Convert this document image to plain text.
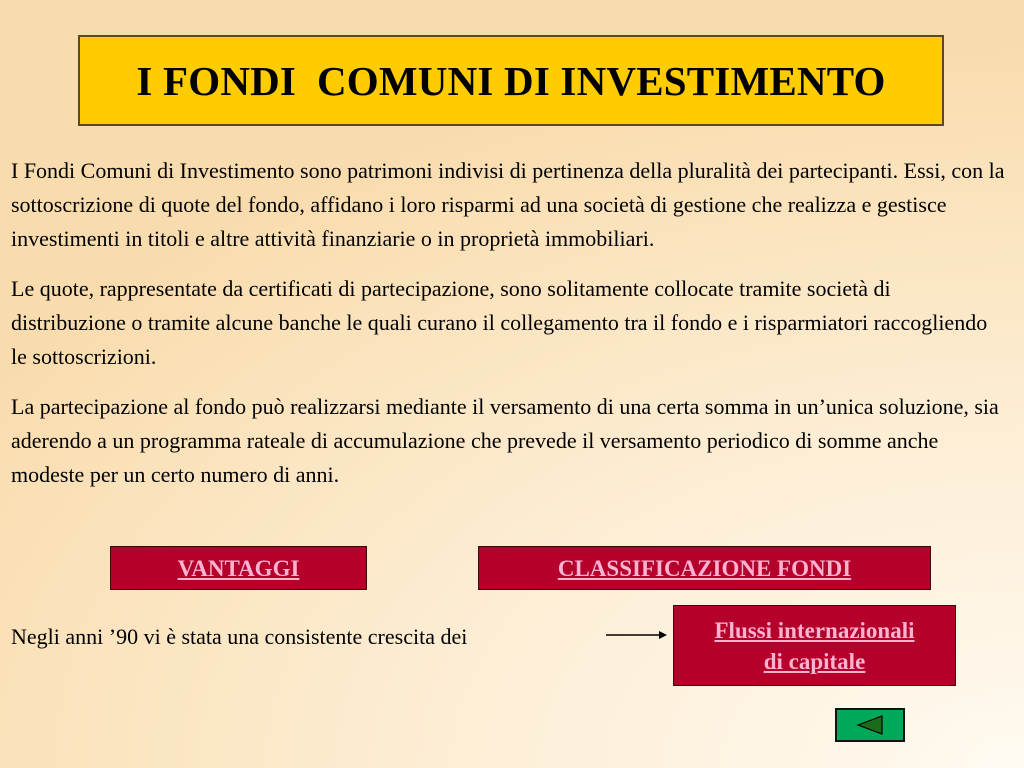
I FONDI  COMUNI DI INVESTIMENTO

I Fondi Comuni di Investimento sono patrimoni indivisi di pertinenza della pluralità dei partecipanti. Essi, con la sottoscrizione di quote del fondo, affidano i loro risparmi ad una società di gestione che realizza e gestisce investimenti in titoli e altre attività finanziarie o in proprietà immobiliari.

Le quote, rappresentate da certificati di partecipazione, sono solitamente collocate tramite società di distribuzione o tramite alcune banche le quali curano il collegamento tra il fondo e i risparmiatori raccogliendo le sottoscrizioni.

La partecipazione al fondo può realizzarsi mediante il versamento di una certa somma in un’unica soluzione, sia aderendo a un programma rateale di accumulazione che prevede il versamento periodico di somme anche modeste per un certo numero di anni.

VANTAGGI	CLASSIFICAZIONE FONDI
Negli anni ’90 vi è stata una consistente crescita dei	Flussi internazionali
di capitale
